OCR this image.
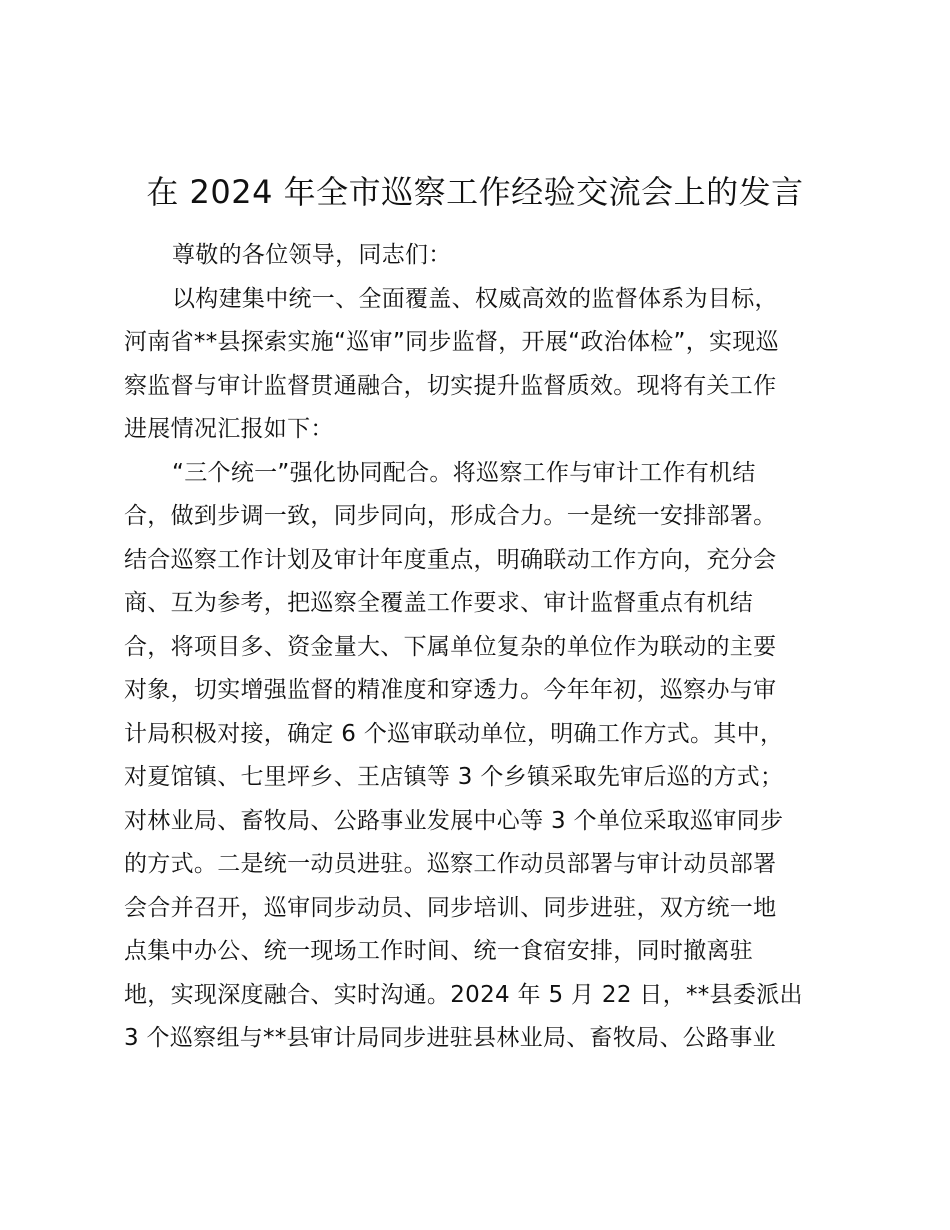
在 2024 年全市巡察工作经验交流会上的发言
尊敬的各位领导，同志们：
以构建集中统一、全面覆盖、权威高效的监督体系为目标，
河南省**县探索实施“巡审”同步监督，开展“政治体检”，实现巡
察监督与审计监督贯通融合，切实提升监督质效。现将有关工作
进展情况汇报如下：
“三个统一”强化协同配合。将巡察工作与审计工作有机结
合，做到步调一致，同步同向，形成合力。一是统一安排部署。
结合巡察工作计划及审计年度重点，明确联动工作方向，充分会
商、互为参考，把巡察全覆盖工作要求、审计监督重点有机结
合，将项目多、资金量大、下属单位复杂的单位作为联动的主要
对象，切实增强监督的精准度和穿透力。今年年初，巡察办与审
计局积极对接，确定 6 个巡审联动单位，明确工作方式。其中，
对夏馆镇、七里坪乡、王店镇等 3 个乡镇采取先审后巡的方式；
对林业局、畜牧局、公路事业发展中心等 3 个单位采取巡审同步
的方式。二是统一动员进驻。巡察工作动员部署与审计动员部署
会合并召开，巡审同步动员、同步培训、同步进驻，双方统一地
点集中办公、统一现场工作时间、统一食宿安排，同时撤离驻
地，实现深度融合、实时沟通。2024 年 5 月 22 日，**县委派出
3 个巡察组与**县审计局同步进驻县林业局、畜牧局、公路事业
